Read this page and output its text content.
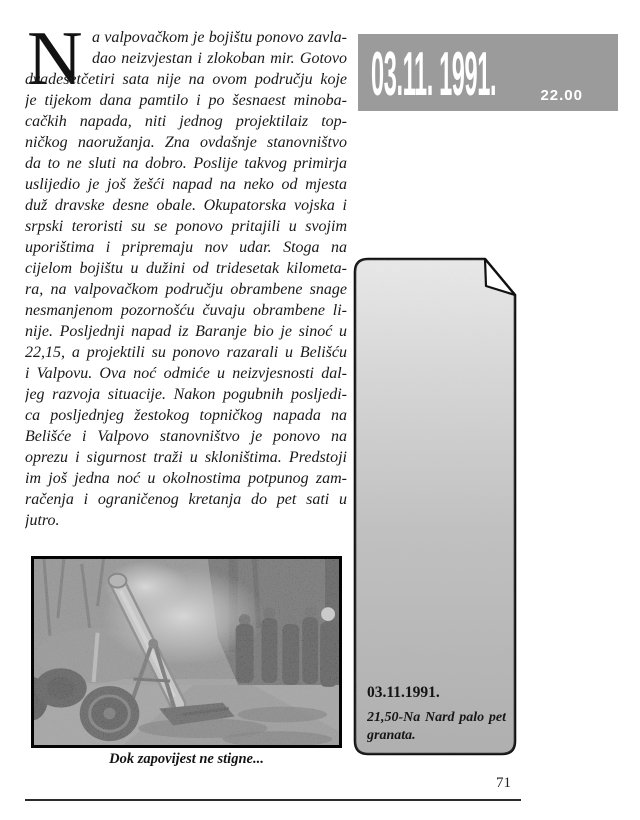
N a valpovačkom je bojištu ponovo zavla-
dao neizvjestan i zlokoban mir. Gotovo
dvadesetčetiri sata nije na ovom području koje
je tijekom dana pamtilo i po šesnaest minoba-
cačkih napada, niti jednog projektilaiz top-
ničkog naoružanja. Zna ovdašnje stanovništvo
da to ne sluti na dobro. Poslije takvog primirja
uslijedio je još žešći napad na neko od mjesta
duž dravske desne obale. Okupatorska vojska i
srpski teroristi su se ponovo pritajili u svojim
uporištima i pripremaju nov udar. Stoga na
cijelom bojištu u dužini od tridesetak kilometa-
ra, na valpovačkom području obrambene snage
nesmanjenom pozornošću čuvaju obrambene li-
nije. Posljednji napad iz Baranje bio je sinoć u
22,15, a projektili su ponovo razarali u Belišću
i Valpovu. Ova noć odmiće u neizvjesnosti dal-
jeg razvoja situacije. Nakon pogubnih posljedi-
ca posljednjeg žestokog topničkog napada na
Belišće i Valpovo stanovništvo je ponovo na
oprezu i sigurnost traži u skloništima. Predstoji
im još jedna noć u okolnostima potpunog zam-
račenja i ograničenog kretanja do pet sati u
jutro.
03.11. 1991.	22.00
03.11.1991.
21,50-Na Nard palo pet
granata.
Dok zapovijest ne stigne...
71
